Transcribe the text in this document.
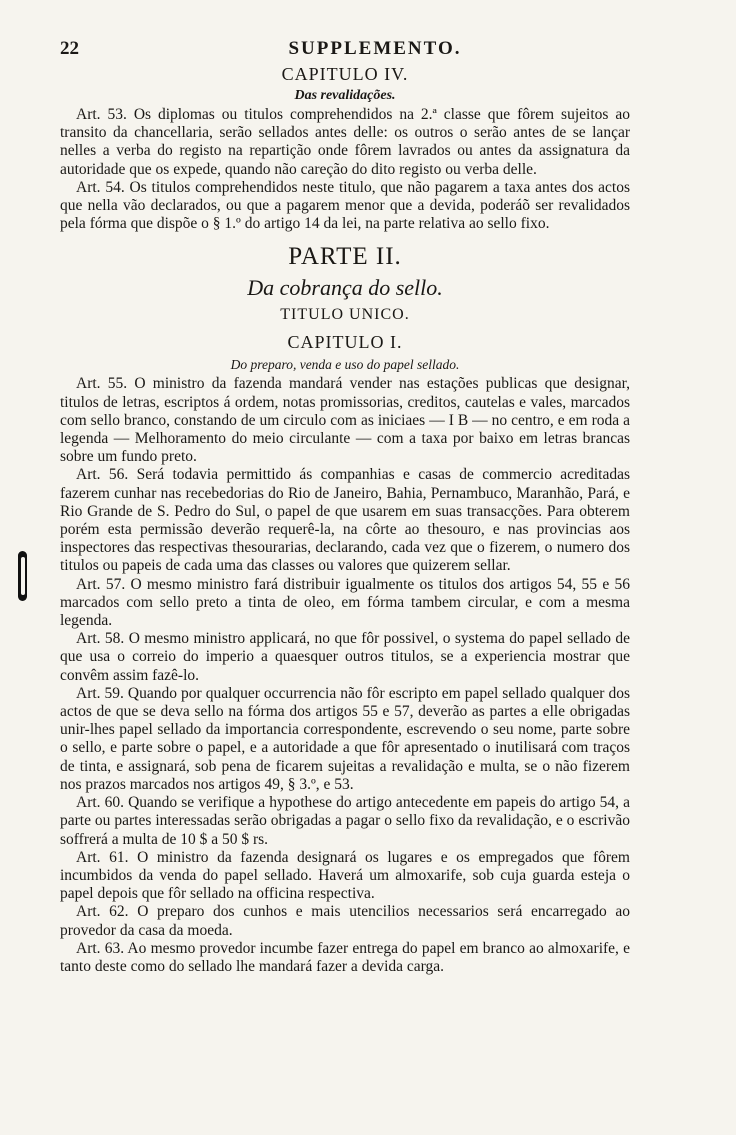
22	SUPPLEMENTO.
CAPITULO IV.
Das revalidações.

Art. 53. Os diplomas ou titulos comprehendidos na 2.ª classe que fôrem sujeitos ao transito da chancellaria, serão sellados antes delle: os outros o serão antes de se lançar nelles a verba do registo na repartição onde fôrem lavrados ou antes da assignatura da autoridade que os expede, quando não careção do dito registo ou verba delle.

Art. 54. Os titulos comprehendidos neste titulo, que não pagarem a taxa antes dos actos que nella vão declarados, ou que a pagarem menor que a devida, poderáõ ser revalidados pela fórma que dispõe o § 1.º do artigo 14 da lei, na parte relativa ao sello fixo.

PARTE II.
Da cobrança do sello.
TITULO UNICO.
CAPITULO I.
Do preparo, venda e uso do papel sellado.

Art. 55. O ministro da fazenda mandará vender nas estações publicas que designar, titulos de letras, escriptos á ordem, notas promissorias, creditos, cautelas e vales, marcados com sello branco, constando de um circulo com as iniciaes — I B — no centro, e em roda a legenda — Melhoramento do meio circulante — com a taxa por baixo em letras brancas sobre um fundo preto.

Art. 56. Será todavia permittido ás companhias e casas de commercio acreditadas fazerem cunhar nas recebedorias do Rio de Janeiro, Bahia, Pernambuco, Maranhão, Pará, e Rio Grande de S. Pedro do Sul, o papel de que usarem em suas transacções. Para obterem porém esta permissão deverão requerê-la, na côrte ao thesouro, e nas provincias aos inspectores das respectivas thesourarias, declarando, cada vez que o fizerem, o numero dos titulos ou papeis de cada uma das classes ou valores que quizerem sellar.

Art. 57. O mesmo ministro fará distribuir igualmente os titulos dos artigos 54, 55 e 56 marcados com sello preto a tinta de oleo, em fórma tambem circular, e com a mesma legenda.

Art. 58. O mesmo ministro applicará, no que fôr possivel, o systema do papel sellado de que usa o correio do imperio a quaesquer outros titulos, se a experiencia mostrar que convêm assim fazê-lo.

Art. 59. Quando por qualquer occurrencia não fôr escripto em papel sellado qualquer dos actos de que se deva sello na fórma dos artigos 55 e 57, deverão as partes a elle obrigadas unir-lhes papel sellado da importancia correspondente, escrevendo o seu nome, parte sobre o sello, e parte sobre o papel, e a autoridade a que fôr apresentado o inutilisará com traços de tinta, e assignará, sob pena de ficarem sujeitas a revalidação e multa, se o não fizerem nos prazos marcados nos artigos 49, § 3.º, e 53.

Art. 60. Quando se verifique a hypothese do artigo antecedente em papeis do artigo 54, a parte ou partes interessadas serão obrigadas a pagar o sello fixo da revalidação, e o escrivão soffrerá a multa de 10 $ a 50 $ rs.

Art. 61. O ministro da fazenda designará os lugares e os empregados que fôrem incumbidos da venda do papel sellado. Haverá um almoxarife, sob cuja guarda esteja o papel depois que fôr sellado na officina respectiva.

Art. 62. O preparo dos cunhos e mais utencilios necessarios será encarregado ao provedor da casa da moeda.

Art. 63. Ao mesmo provedor incumbe fazer entrega do papel em branco ao almoxarife, e tanto deste como do sellado lhe mandará fazer a devida carga.
